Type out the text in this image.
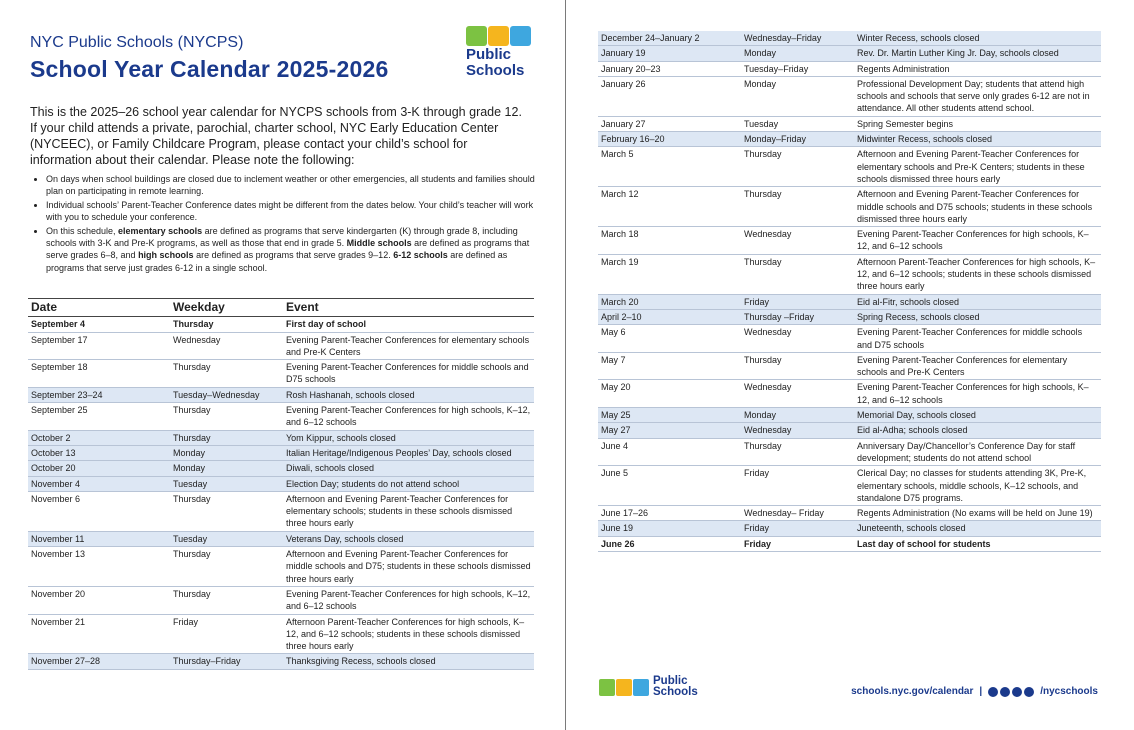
NYC Public Schools (NYCPS)
School Year Calendar 2025-2026
Public
Schools
This is the 2025–26 school year calendar for NYCPS schools from 3-K through grade 12. If your child attends a private, parochial, charter school, NYC Early Education Center (NYCEEC), or Family Childcare Program, please contact your child’s school for information about their calendar. Please note the following:
• On days when school buildings are closed due to inclement weather or other emergencies, all students and families should plan on participating in remote learning.
• Individual schools’ Parent-Teacher Conference dates might be different from the dates below. Your child’s teacher will work with you to schedule your conference.
• On this schedule, elementary schools are defined as programs that serve kindergarten (K) through grade 8, including schools with 3-K and Pre-K programs, as well as those that end in grade 5. Middle schools are defined as programs that serve grades 6–8, and high schools are defined as programs that serve grades 9–12. 6-12 schools are defined as programs that serve just grades 6-12 in a single school.
Date	Weekday	Event
September 4	Thursday	First day of school
September 17	Wednesday	Evening Parent-Teacher Conferences for elementary schools and Pre-K Centers
September 18	Thursday	Evening Parent-Teacher Conferences for middle schools and D75 schools
September 23–24	Tuesday–Wednesday	Rosh Hashanah, schools closed
September 25	Thursday	Evening Parent-Teacher Conferences for high schools, K–12, and 6–12 schools
October 2	Thursday	Yom Kippur, schools closed
October 13	Monday	Italian Heritage/Indigenous Peoples’ Day, schools closed
October 20	Monday	Diwali, schools closed
November 4	Tuesday	Election Day; students do not attend school
November 6	Thursday	Afternoon and Evening Parent-Teacher Conferences for elementary schools; students in these schools dismissed three hours early
November 11	Tuesday	Veterans Day, schools closed
November 13	Thursday	Afternoon and Evening Parent-Teacher Conferences for middle schools and D75; students in these schools dismissed three hours early
November 20	Thursday	Evening Parent-Teacher Conferences for high schools, K–12, and 6–12 schools
November 21	Friday	Afternoon Parent-Teacher Conferences for high schools, K–12, and 6–12 schools; students in these schools dismissed three hours early
November 27–28	Thursday–Friday	Thanksgiving Recess, schools closed
December 24–January 2	Wednesday–Friday	Winter Recess, schools closed
January 19	Monday	Rev. Dr. Martin Luther King Jr. Day, schools closed
January 20–23	Tuesday–Friday	Regents Administration
January 26	Monday	Professional Development Day; students that attend high schools and schools that serve only grades 6-12 are not in attendance. All other students attend school.
January 27	Tuesday	Spring Semester begins
February 16–20	Monday–Friday	Midwinter Recess, schools closed
March 5	Thursday	Afternoon and Evening Parent-Teacher Conferences for elementary schools and Pre-K Centers; students in these schools dismissed three hours early
March 12	Thursday	Afternoon and Evening Parent-Teacher Conferences for middle schools and D75 schools; students in these schools dismissed three hours early
March 18	Wednesday	Evening Parent-Teacher Conferences for high schools, K–12, and 6–12 schools
March 19	Thursday	Afternoon Parent-Teacher Conferences for high schools, K–12, and 6–12 schools; students in these schools dismissed three hours early
March 20	Friday	Eid al-Fitr, schools closed
April 2–10	Thursday –Friday	Spring Recess, schools closed
May 6	Wednesday	Evening Parent-Teacher Conferences for middle schools and D75 schools
May 7	Thursday	Evening Parent-Teacher Conferences for elementary schools and Pre-K Centers
May 20	Wednesday	Evening Parent-Teacher Conferences for high schools, K–12, and 6–12 schools
May 25	Monday	Memorial Day, schools closed
May 27	Wednesday	Eid al-Adha; schools closed
June 4	Thursday	Anniversary Day/Chancellor’s Conference Day for staff development; students do not attend school
June 5	Friday	Clerical Day; no classes for students attending 3K, Pre-K, elementary schools, middle schools, K–12 schools, and standalone D75 programs.
June 17–26	Wednesday– Friday	Regents Administration (No exams will be held on June 19)
June 19	Friday	Juneteenth, schools closed
June 26	Friday	Last day of school for students
Public
Schools	schools.nyc.gov/calendar |	/nycschools
